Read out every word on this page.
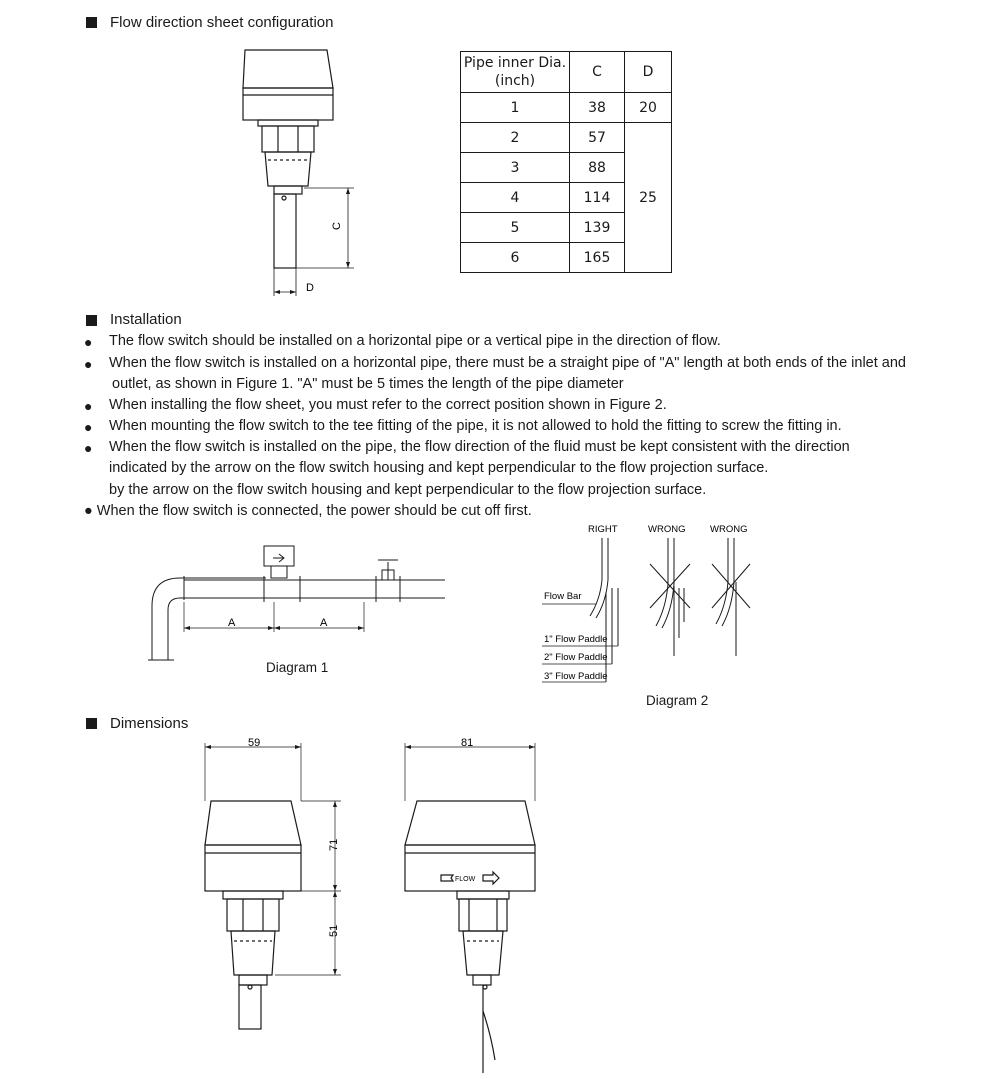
Flow direction sheet configuration
C
D
Pipe inner Dia. (inch)	C	D
1	38	20
2	57	25
3	88	
4	114	
5	139	
6	165	
Installation
● The flow switch should be installed on a horizontal pipe or a vertical pipe in the direction of flow.
● When the flow switch is installed on a horizontal pipe, there must be a straight pipe of "A" length at both ends of the inlet and
outlet, as shown in Figure 1. "A" must be 5 times the length of the pipe diameter
● When installing the flow sheet, you must refer to the correct position shown in Figure 2.
● When mounting the flow switch to the tee fitting of the pipe, it is not allowed to hold the fitting to screw the fitting in.
● When the flow switch is installed on the pipe, the flow direction of the fluid must be kept consistent with the direction
indicated by the arrow on the flow switch housing and kept perpendicular to the flow projection surface.
by the arrow on the flow switch housing and kept perpendicular to the flow projection surface.
● When the flow switch is connected, the power should be cut off first.
A	A
Diagram 1
RIGHT	WRONG	WRONG
Flow Bar
1" Flow Paddle
2" Flow Paddle
3" Flow Paddle
Diagram 2
Dimensions
59
71
51
81
FLOW
